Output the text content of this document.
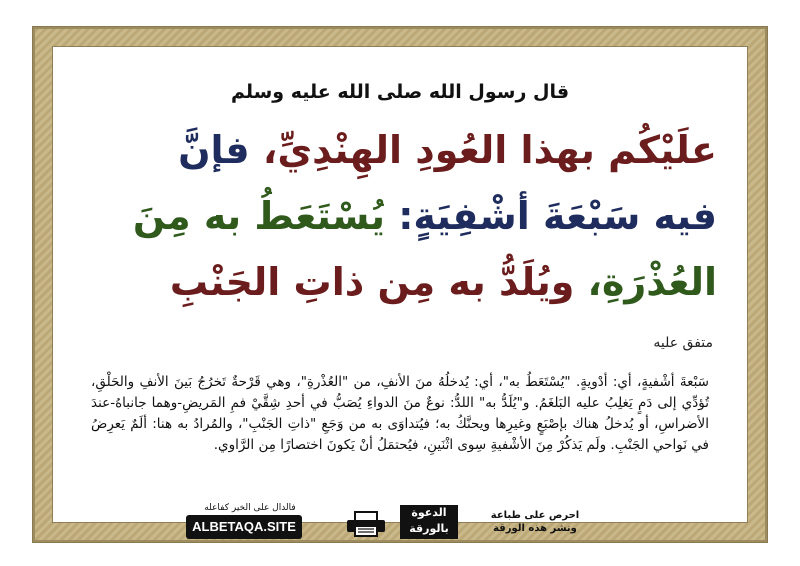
قال رسول الله صلى الله عليه وسلم
علَيْكُم بهذا العُودِ الهِنْدِيِّ، فإنَّ
فيه سَبْعَةَ أشْفِيَةٍ: يُسْتَعَطُ به مِنَ
العُذْرَةِ، ويُلَدُّ به مِن ذاتِ الجَنْبِ
متفق عليه
سَبْعةَ أشْفيةٍ، أي: أدْويةٍ. "يُسْتَعَطُ به"، أي: يُدخلُهُ منَ الأنفِ، من "العُذْرةِ"، وهي قَرْحةٌ تَخرُجُ بَينَ الأنفِ والحَلْقِ، تُؤدِّي إلى دَمٍ يَغلِبُ عليه البَلغَمُ. و"يُلَدُّ به" اللدُّ: نوعٌ منَ الدواءِ يُصَبُّ في أحدِ شِقَّيْ فمِ المَريضِ-وهما جانباهُ-عندَ الأضراسِ، أو يُدخلُ هناك بإصْبَعٍ وغيرِها ويحنَّكُ به؛ فيُتداوَى به من وَجَعِ "ذاتِ الجَنْبِ"، والمُرادُ به هنا: ألَمٌ يَعرِضُ في نَواحي الجَنْبِ. ولَم يَذكُرْ مِنَ الأشْفيةِ سِوى اثْنَينِ، فيُحتمَلُ أنْ يَكونَ اختصارًا مِن الرَّاوي.
فالدال على الخير كفاعله
ALBETAQA.SITE
الدعوة بالورقة
احرص على طباعة
ونشر هذه الورقة
